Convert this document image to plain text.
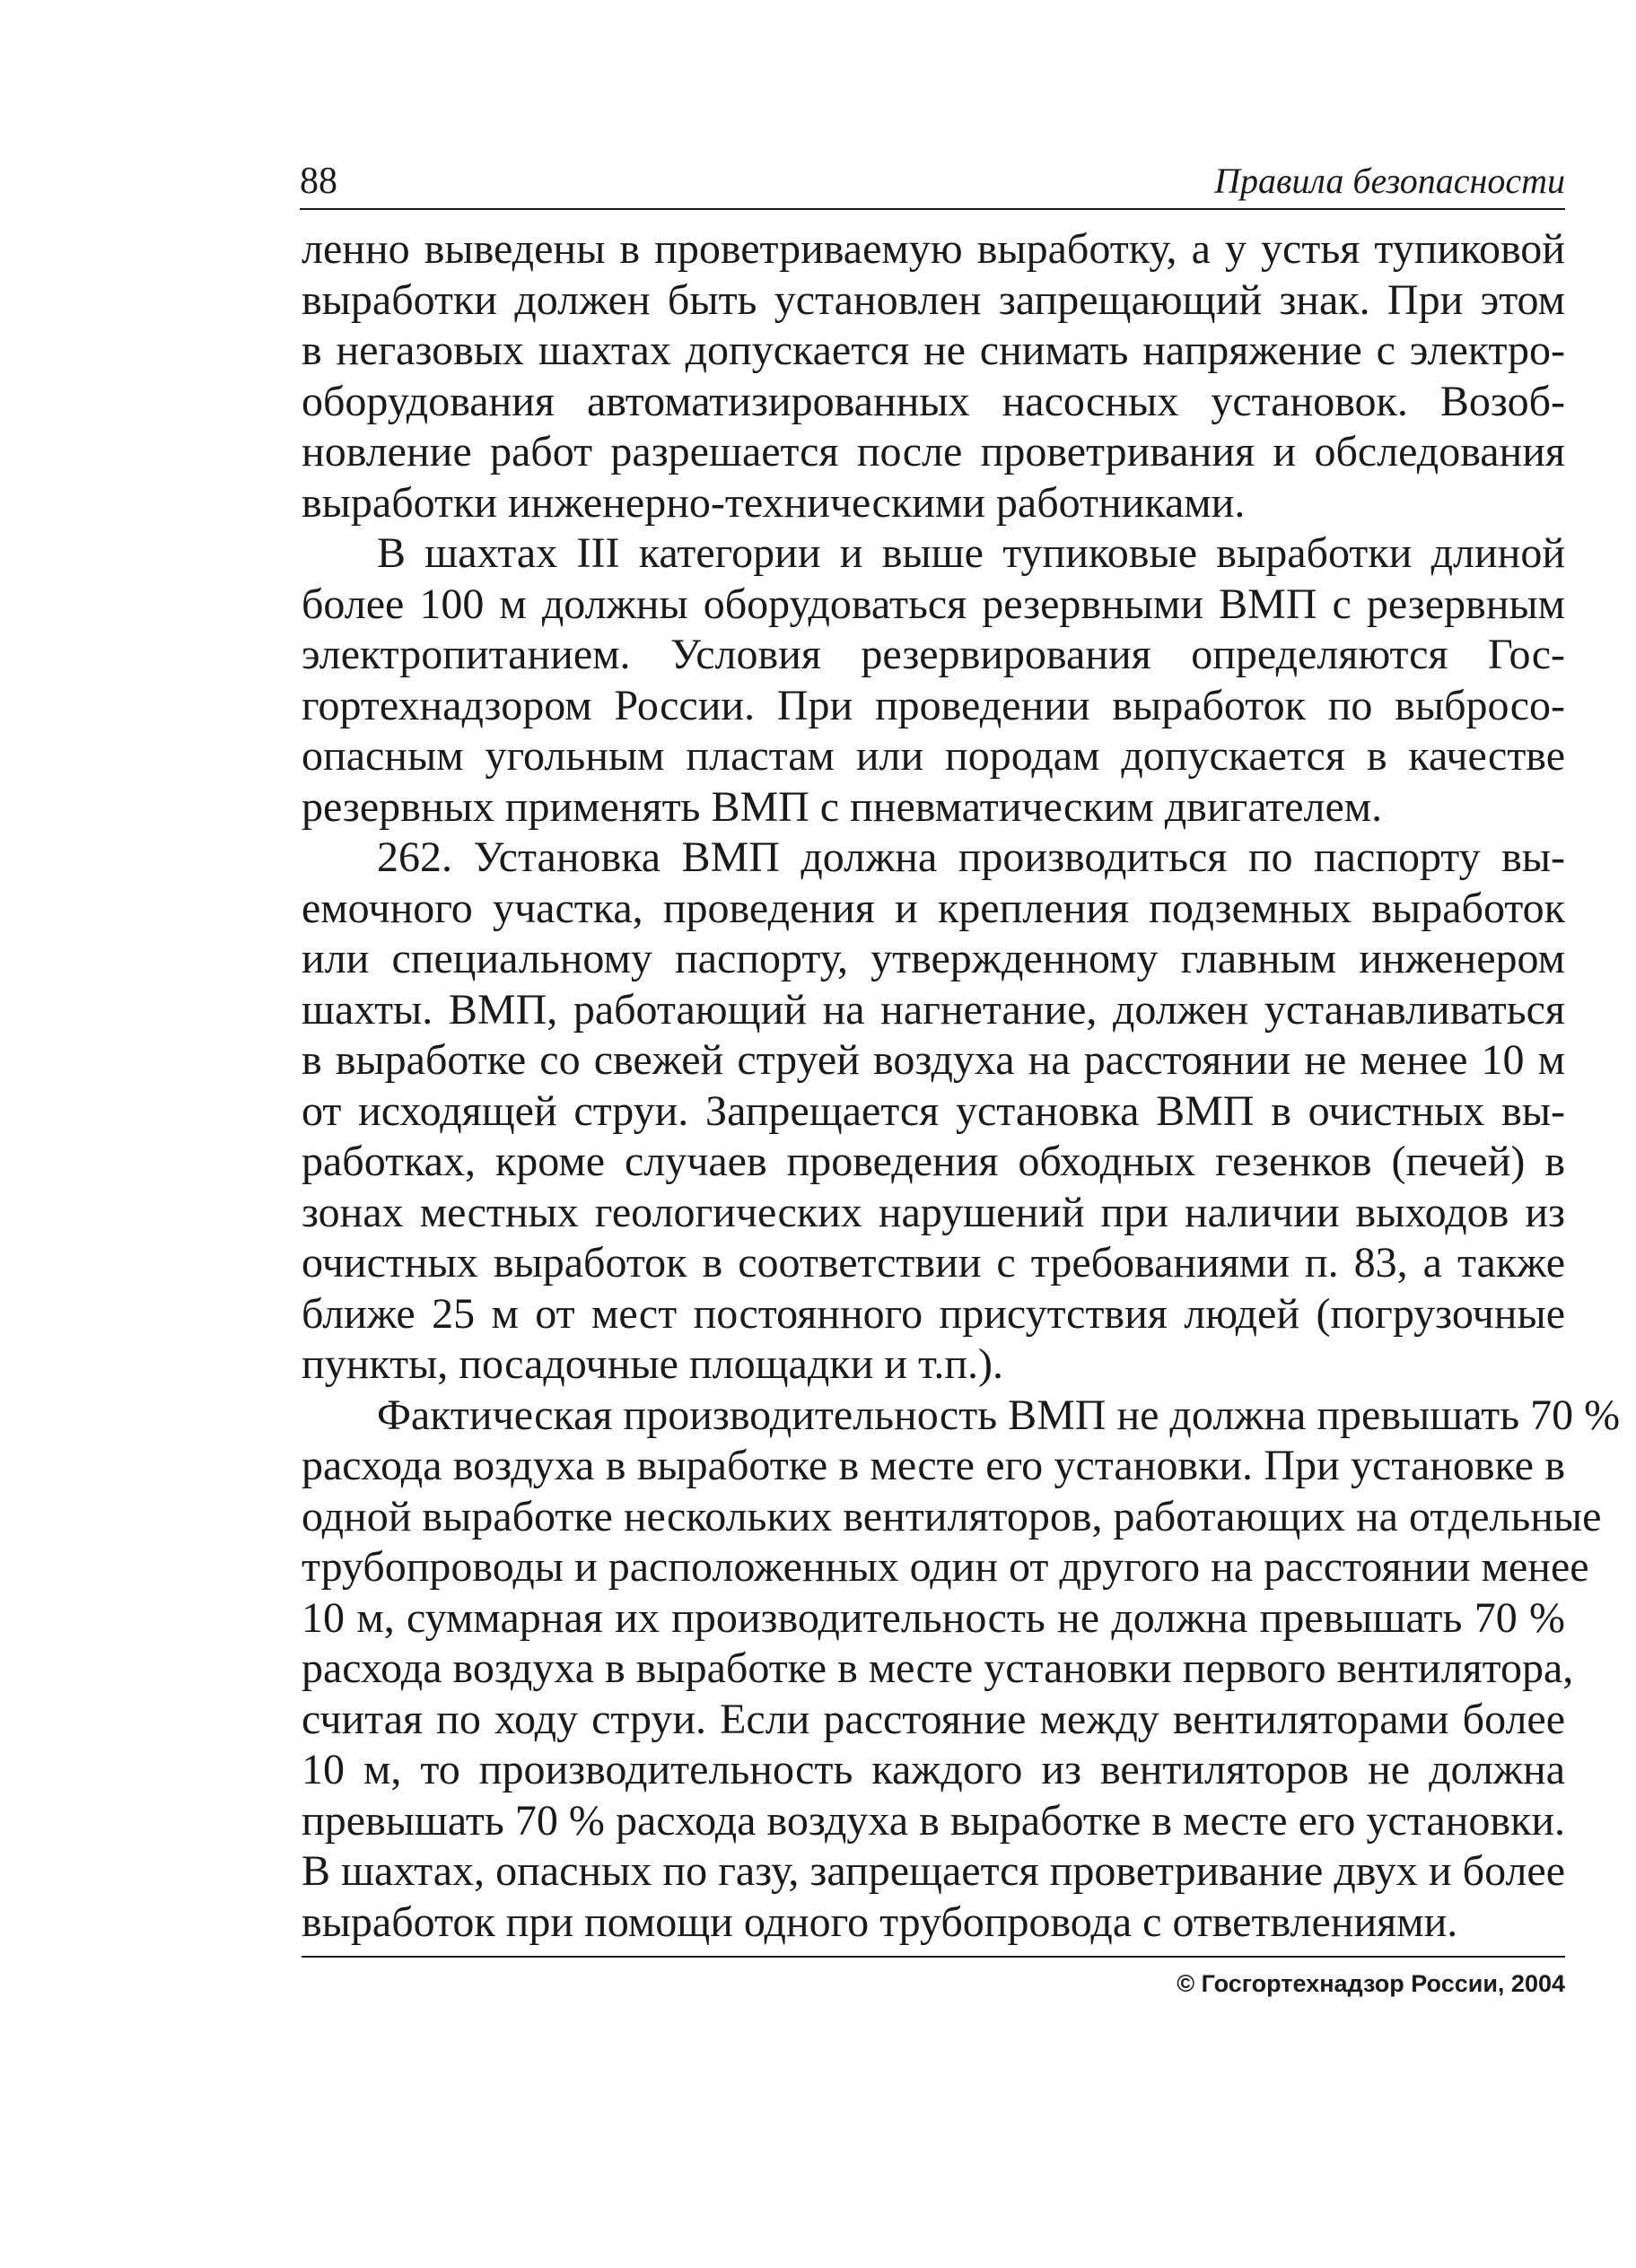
88	Правила безопасности

ленно выведены в проветриваемую выработку, а у устья тупиковой
выработки должен быть установлен запрещающий знак. При этом
в негазовых шахтах допускается не снимать напряжение с электро-
оборудования автоматизированных насосных установок. Возоб-
новление работ разрешается после проветривания и обследования
выработки инженерно-техническими работниками.

В шахтах III категории и выше тупиковые выработки длиной
более 100 м должны оборудоваться резервными ВМП с резервным
электропитанием. Условия резервирования определяются Гос-
гортехнадзором России. При проведении выработок по выбросо-
опасным угольным пластам или породам допускается в качестве
резервных применять ВМП с пневматическим двигателем.

262. Установка ВМП должна производиться по паспорту вы-
емочного участка, проведения и крепления подземных выработок
или специальному паспорту, утвержденному главным инженером
шахты. ВМП, работающий на нагнетание, должен устанавливаться
в выработке со свежей струей воздуха на расстоянии не менее 10 м
от исходящей струи. Запрещается установка ВМП в очистных вы-
работках, кроме случаев проведения обходных гезенков (печей) в
зонах местных геологических нарушений при наличии выходов из
очистных выработок в соответствии с требованиями п. 83, а также
ближе 25 м от мест постоянного присутствия людей (погрузочные
пункты, посадочные площадки и т.п.).

Фактическая производительность ВМП не должна превышать 70 %
расхода воздуха в выработке в месте его установки. При установке в
одной выработке нескольких вентиляторов, работающих на отдельные
трубопроводы и расположенных один от другого на расстоянии менее
10 м, суммарная их производительность не должна превышать 70 %
расхода воздуха в выработке в месте установки первого вентилятора,
считая по ходу струи. Если расстояние между вентиляторами более
10 м, то производительность каждого из вентиляторов не должна
превышать 70 % расхода воздуха в выработке в месте его установки.
В шахтах, опасных по газу, запрещается проветривание двух и более
выработок при помощи одного трубопровода с ответвлениями.

© Госгортехнадзор России, 2004
